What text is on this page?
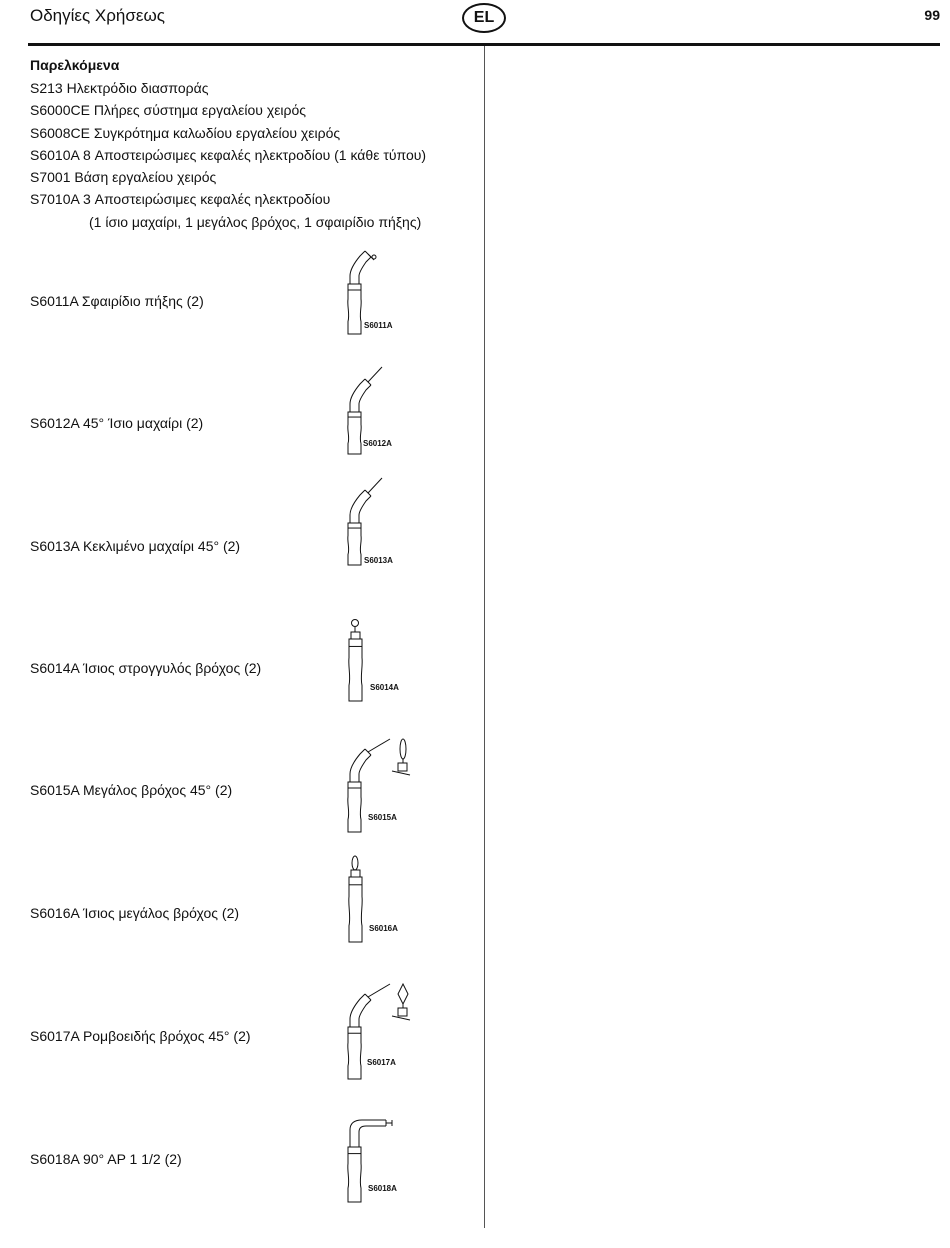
Οδηγίες Χρήσεως	EL	99
Παρελκόμενα
S213 Ηλεκτρόδιο διασποράς
S6000CE Πλήρες σύστημα εργαλείου χειρός
S6008CE Συγκρότημα καλωδίου εργαλείου χειρός
S6010A 8 Αποστειρώσιμες κεφαλές ηλεκτροδίου (1 κάθε τύπου)
S7001 Βάση εργαλείου χειρός
S7010A 3 Αποστειρώσιμες κεφαλές ηλεκτροδίου
(1 ίσιο μαχαίρι, 1 μεγάλος βρόχος, 1 σφαιρίδιο πήξης)
S6011A Σφαιρίδιο πήξης (2)
S6011A
S6012A 45° Ίσιο μαχαίρι (2)
S6012A
S6013A Κεκλιμένο μαχαίρι 45° (2)
S6013A
S6014A Ίσιος στρογγυλός βρόχος (2)
S6014A
S6015A Μεγάλος βρόχος 45° (2)
S6015A
S6016A Ίσιος μεγάλος βρόχος (2)
S6016A
S6017A Ρομβοειδής βρόχος 45° (2)
S6017A
S6018A 90° AP 1 1/2 (2)
S6018A
